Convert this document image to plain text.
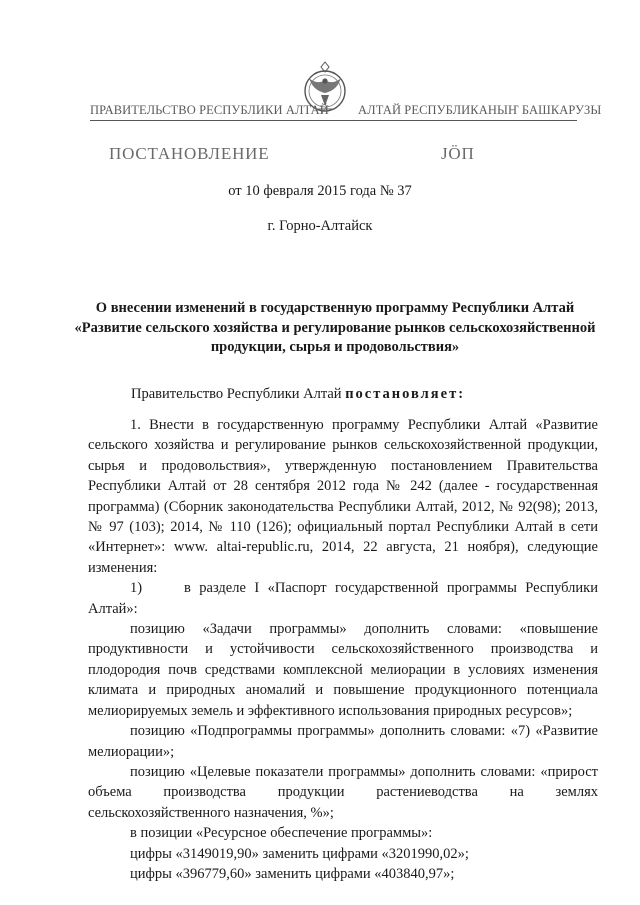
ПРАВИТЕЛЬСТВО РЕСПУБЛИКИ АЛТАЙ АЛТАЙ РЕСПУБЛИКАНЫҤ БАШКАРУЗЫ
ПОСТАНОВЛЕНИЕ	ЈӦП
от 10 февраля 2015 года № 37
г. Горно-Алтайск
О внесении изменений в государственную программу Республики Алтай «Развитие сельского хозяйства и регулирование рынков сельскохозяйственной продукции, сырья и продовольствия»
Правительство Республики Алтай постановляет:

1. Внести в государственную программу Республики Алтай «Развитие сельского хозяйства и регулирование рынков сельскохозяйственной продукции, сырья и продовольствия», утвержденную постановлением Правительства Республики Алтай от 28 сентября 2012 года № 242 (далее - государственная программа) (Сборник законодательства Республики Алтай, 2012, № 92(98); 2013, № 97 (103); 2014, № 110 (126); официальный портал Республики Алтай в сети «Интернет»: www. altai-republic.ru, 2014, 22 августа, 21 ноября), следующие изменения:

1)	в разделе I «Паспорт государственной программы Республики Алтай»:

позицию «Задачи программы» дополнить словами: «повышение продуктивности и устойчивости сельскохозяйственного производства и плодородия почв средствами комплексной мелиорации в условиях изменения климата и природных аномалий и повышение продукционного потенциала мелиорируемых земель и эффективного использования природных ресурсов»;

позицию «Подпрограммы программы» дополнить словами: «7) «Развитие мелиорации»;

позицию «Целевые показатели программы» дополнить словами: «прирост объема производства продукции растениеводства на землях сельскохозяйственного назначения, %»;

в позиции «Ресурсное обеспечение программы»:

цифры «3149019,90» заменить цифрами «3201990,02»;

цифры «396779,60» заменить цифрами «403840,97»;
